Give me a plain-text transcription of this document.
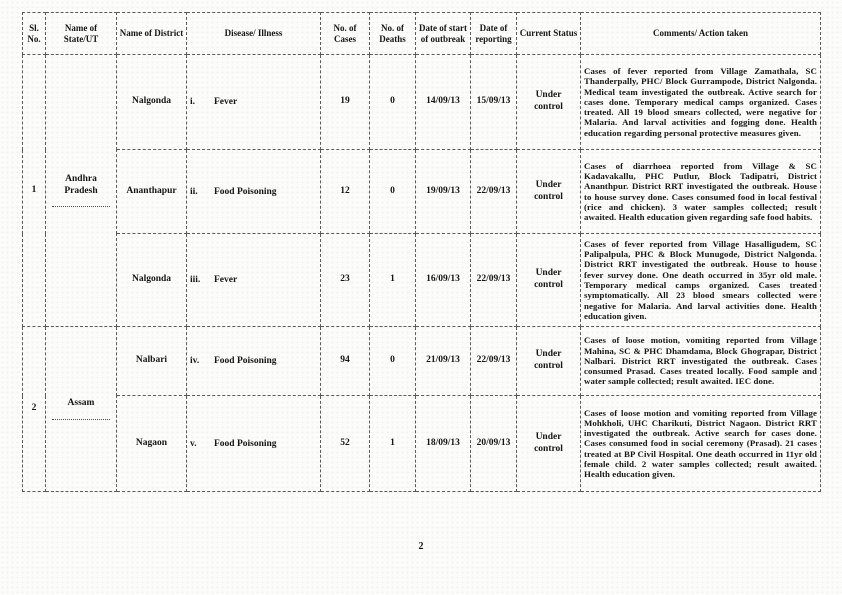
Sl. No.	Name of State/UT	Name of District	Disease/ Illness	No. of Cases	No. of Deaths	Date of start of outbreak	Date of reporting	Current Status	Comments/ Action taken
1	Andhra Pradesh	Nalgonda	i. Fever	19	0	14/09/13	15/09/13	Under control	Cases of fever reported from Village Zamathala, SC Thanderpally, PHC/ Block Gurrampode, District Nalgonda. Medical team investigated the outbreak. Active search for cases done. Temporary medical camps organized. Cases treated. All 19 blood smears collected, were negative for Malaria. And larval activities and fogging done. Health education regarding personal protective measures given.
		Ananthapur	ii. Food Poisoning	12	0	19/09/13	22/09/13	Under control	Cases of diarrhoea reported from Village & SC Kadavakallu, PHC Putlur, Block Tadipatri, District Ananthpur. District RRT investigated the outbreak. House to house survey done. Cases consumed food in local festival (rice and chicken). 3 water samples collected; result awaited. Health education given regarding safe food habits.
		Nalgonda	iii. Fever	23	1	16/09/13	22/09/13	Under control	Cases of fever reported from Village Hasalligudem, SC Palipalpula, PHC & Block Munugode, District Nalgonda. District RRT investigated the outbreak. House to house fever survey done. One death occurred in 35yr old male. Temporary medical camps organized. Cases treated symptomatically. All 23 blood smears collected were negative for Malaria. And larval activities done. Health education given.
2	Assam	Nalbari	iv. Food Poisoning	94	0	21/09/13	22/09/13	Under control	Cases of loose motion, vomiting reported from Village Mahina, SC & PHC Dhamdama, Block Ghograpar, District Nalbari. District RRT investigated the outbreak. Cases consumed Prasad. Cases treated locally. Food sample and water sample collected; result awaited. IEC done.
		Nagaon	v. Food Poisoning	52	1	18/09/13	20/09/13	Under control	Cases of loose motion and vomiting reported from Village Mohkholi, UHC Charikuti, District Nagaon. District RRT investigated the outbreak. Active search for cases done. Cases consumed food in social ceremony (Prasad). 21 cases treated at BP Civil Hospital. One death occurred in 11yr old female child. 2 water samples collected; result awaited. Health education given.
2
